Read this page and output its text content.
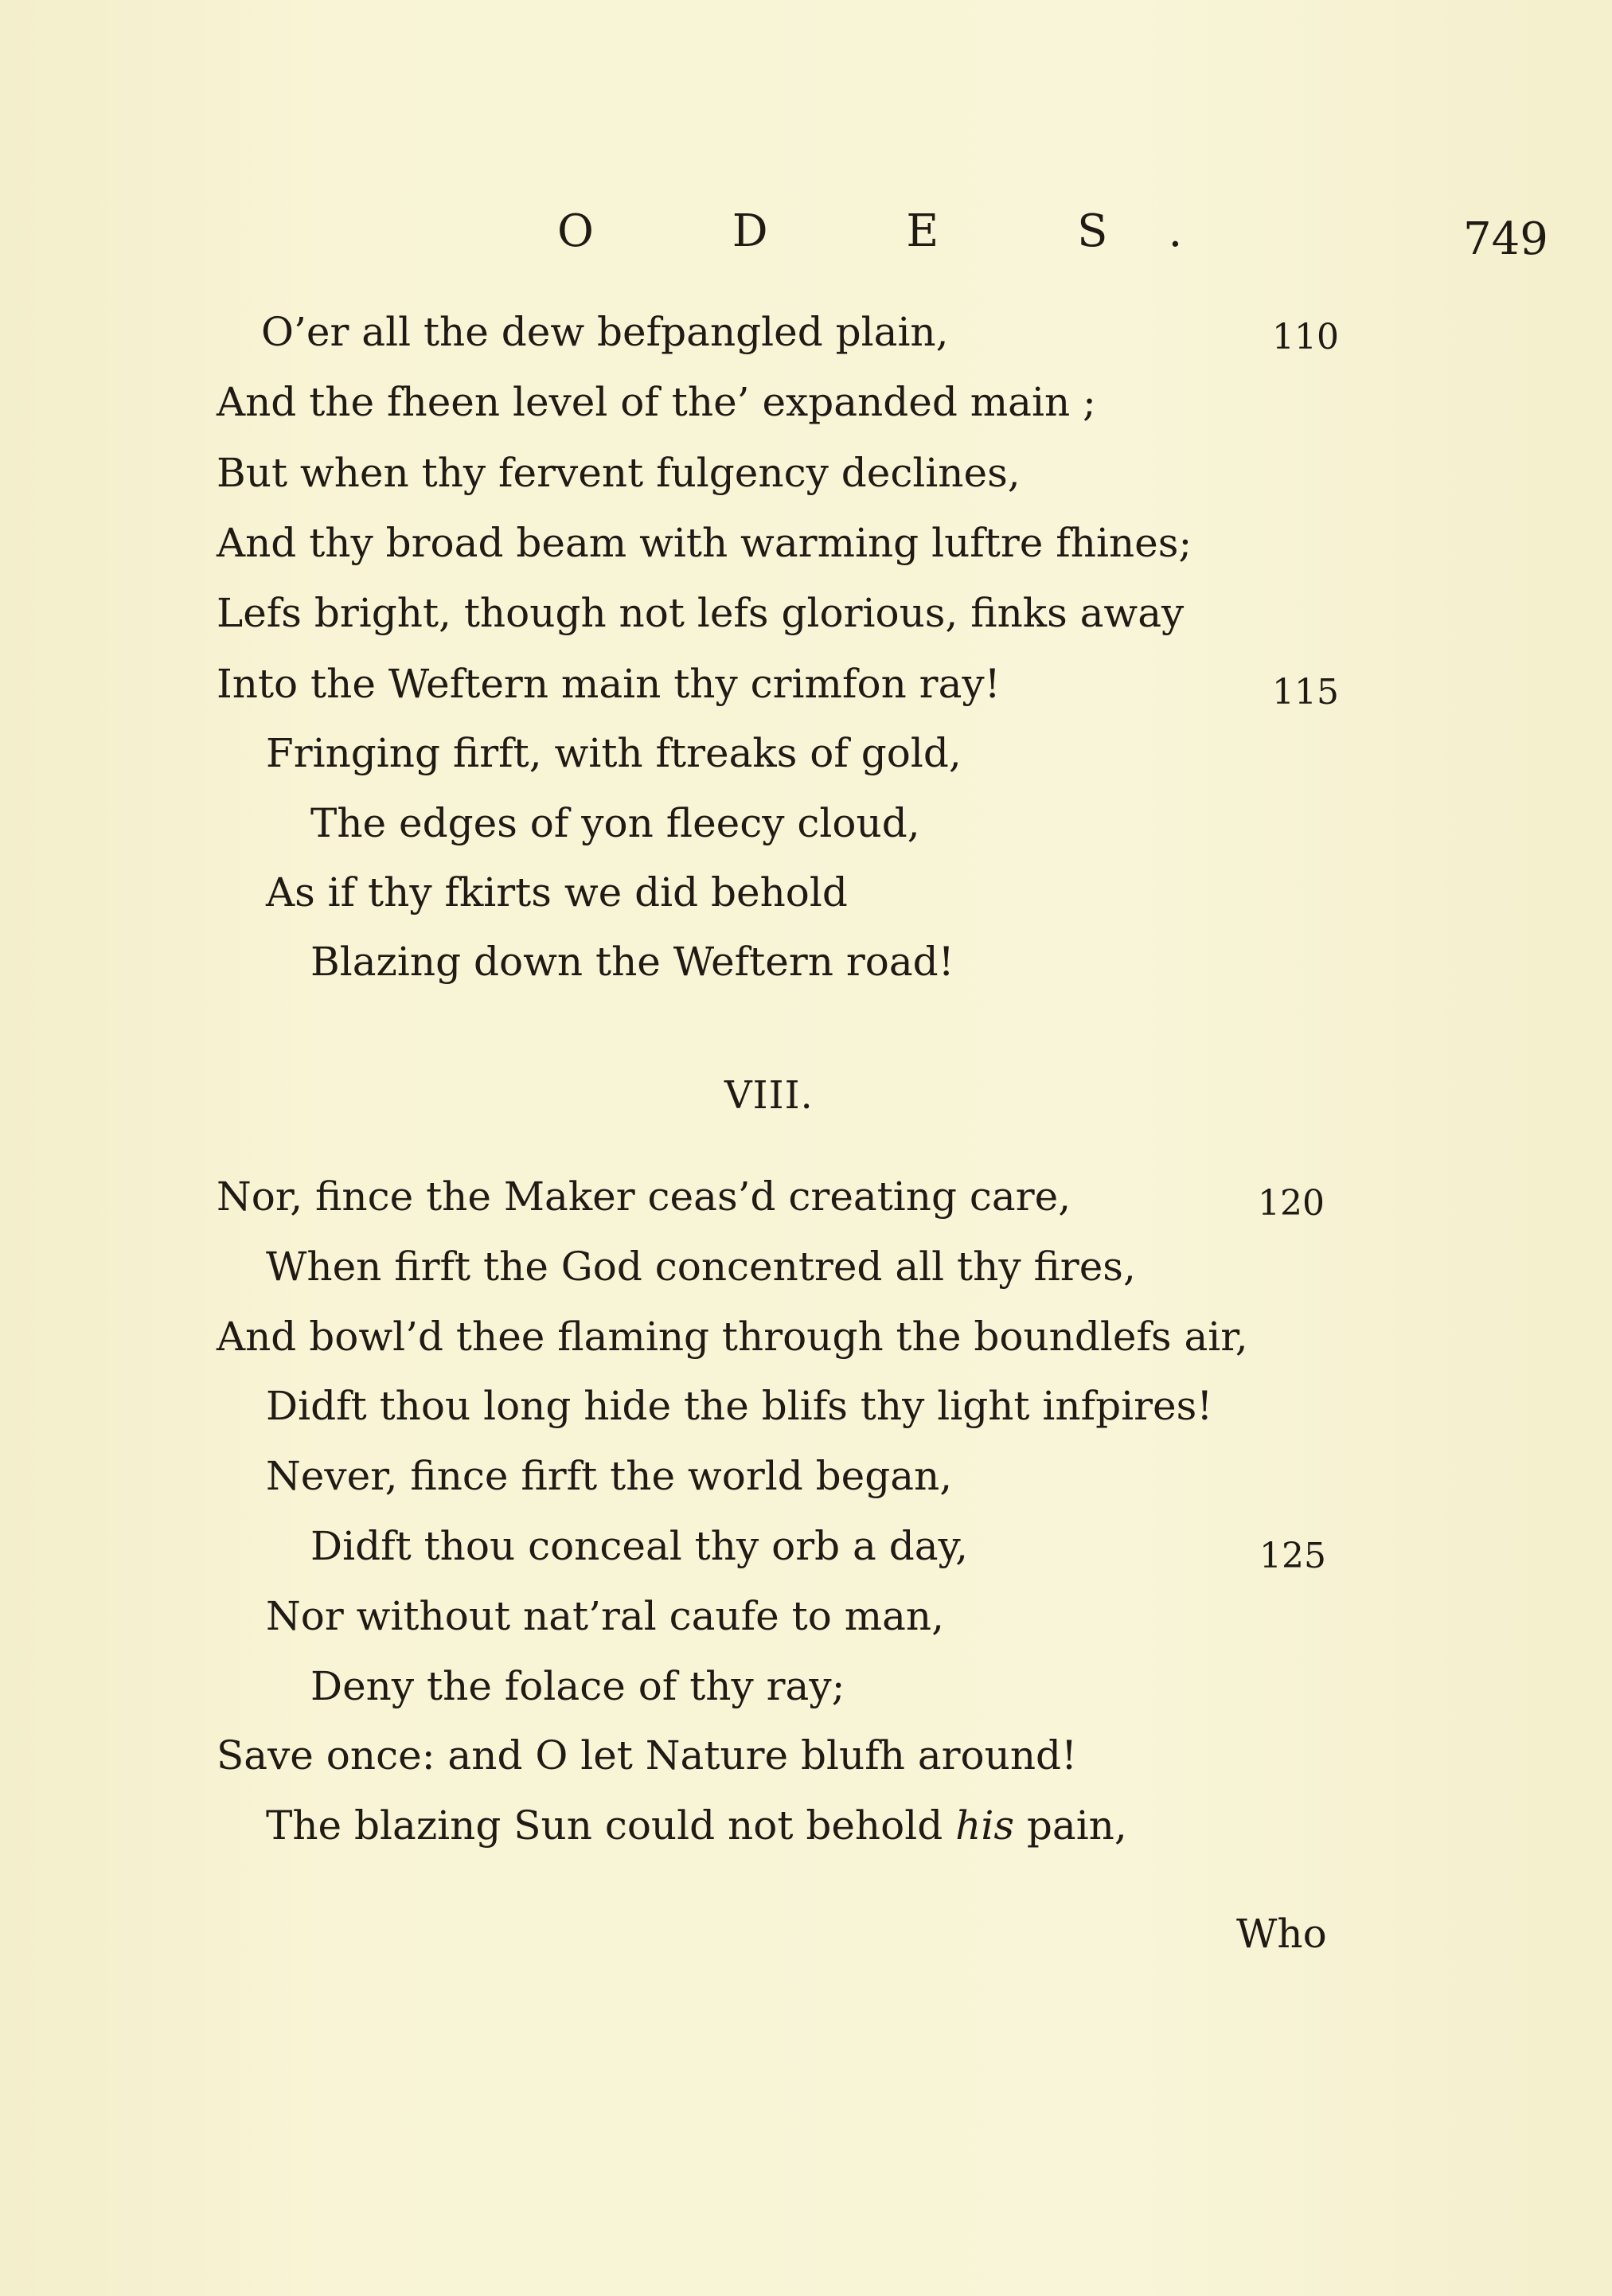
O D E S.	749
O’er all the dew befpangled plain,	110
And the fheen level of the’ expanded main ;
But when thy fervent fulgency declines,
And thy broad beam with warming luftre fhines;
Lefs bright, though not lefs glorious, finks away
Into the Weftern main thy crimfon ray!	115
Fringing firft, with ftreaks of gold,
The edges of yon fleecy cloud,
As if thy fkirts we did behold
Blazing down the Weftern road!
VIII.
Nor, fince the Maker ceas’d creating care,	120
When firft the God concentred all thy fires,
And bowl’d thee flaming through the boundlefs air,
Didft thou long hide the blifs thy light infpires!
Never, fince firft the world began,
Didft thou conceal thy orb a day,	125
Nor without nat’ral caufe to man,
Deny the folace of thy ray;
Save once: and O let Nature blufh around!
The blazing Sun could not behold his pain,
Who
